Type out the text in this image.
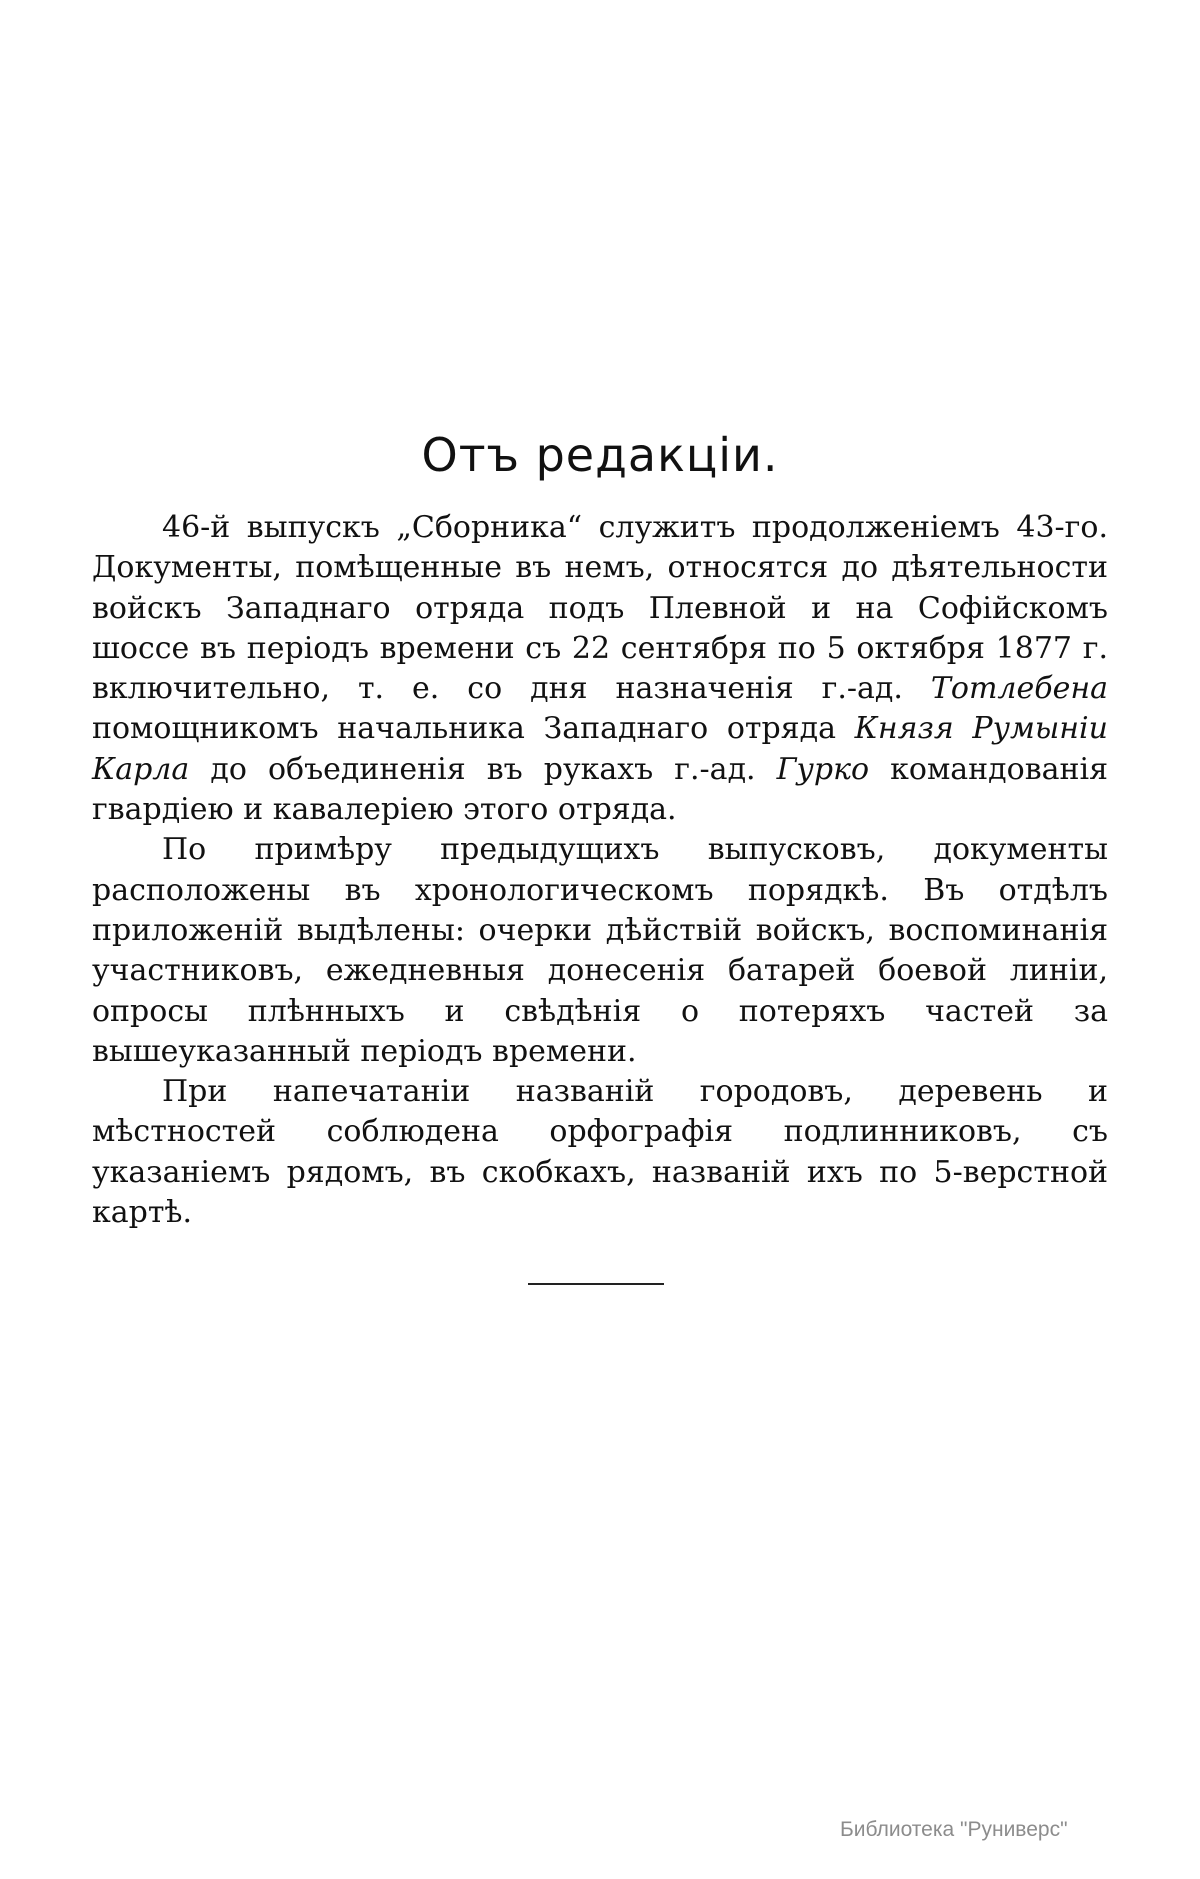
Отъ редакціи.

46-й выпускъ „Сборника“ служитъ продолженіемъ 43-го. Документы, помѣщенные въ немъ, относятся до дѣятельности войскъ Западнаго отряда подъ Плевной и на Софійскомъ шоссе въ періодъ времени съ 22 сентября по 5 октября 1877 г. включительно, т. е. со дня назначенія г.-ад. Тотлебена помощникомъ начальника Западнаго отряда Князя Румыніи Карла до объединенія въ рукахъ г.-ад. Гурко командованія гвардіею и кавалеріею этого отряда.

По примѣру предыдущихъ выпусковъ, документы расположены въ хронологическомъ порядкѣ. Въ отдѣлъ приложеній выдѣлены: очерки дѣйствій войскъ, воспоминанія участниковъ, ежедневныя донесенія батарей боевой линіи, опросы плѣнныхъ и свѣдѣнія о потеряхъ частей за вышеуказанный періодъ времени.

При напечатаніи названій городовъ, деревень и мѣстностей соблюдена орфографія подлинниковъ, съ указаніемъ рядомъ, въ скобкахъ, названій ихъ по 5-верстной картѣ.

Библиотека "Руниверс"
